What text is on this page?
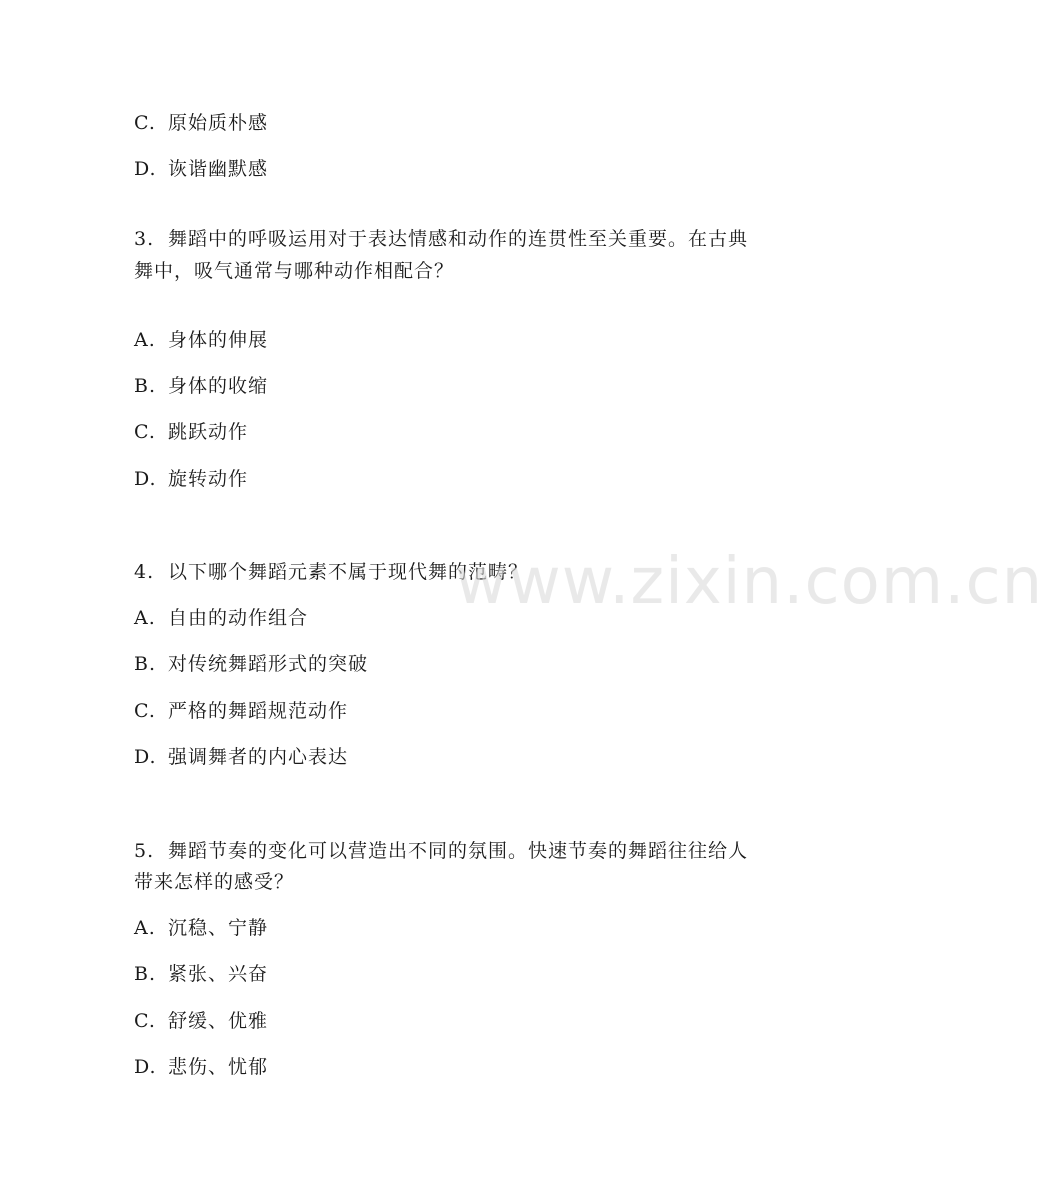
C. 原始质朴感
D. 诙谐幽默感
3. 舞蹈中的呼吸运用对于表达情感和动作的连贯性至关重要。在古典
舞中，吸气通常与哪种动作相配合？
A. 身体的伸展
B. 身体的收缩
C. 跳跃动作
D. 旋转动作
4. 以下哪个舞蹈元素不属于现代舞的范畴？
A. 自由的动作组合
B. 对传统舞蹈形式的突破
C. 严格的舞蹈规范动作
D. 强调舞者的内心表达
5. 舞蹈节奏的变化可以营造出不同的氛围。快速节奏的舞蹈往往给人
带来怎样的感受？
A. 沉稳、宁静
B. 紧张、兴奋
C. 舒缓、优雅
D. 悲伤、忧郁
www.zixin.com.cn
